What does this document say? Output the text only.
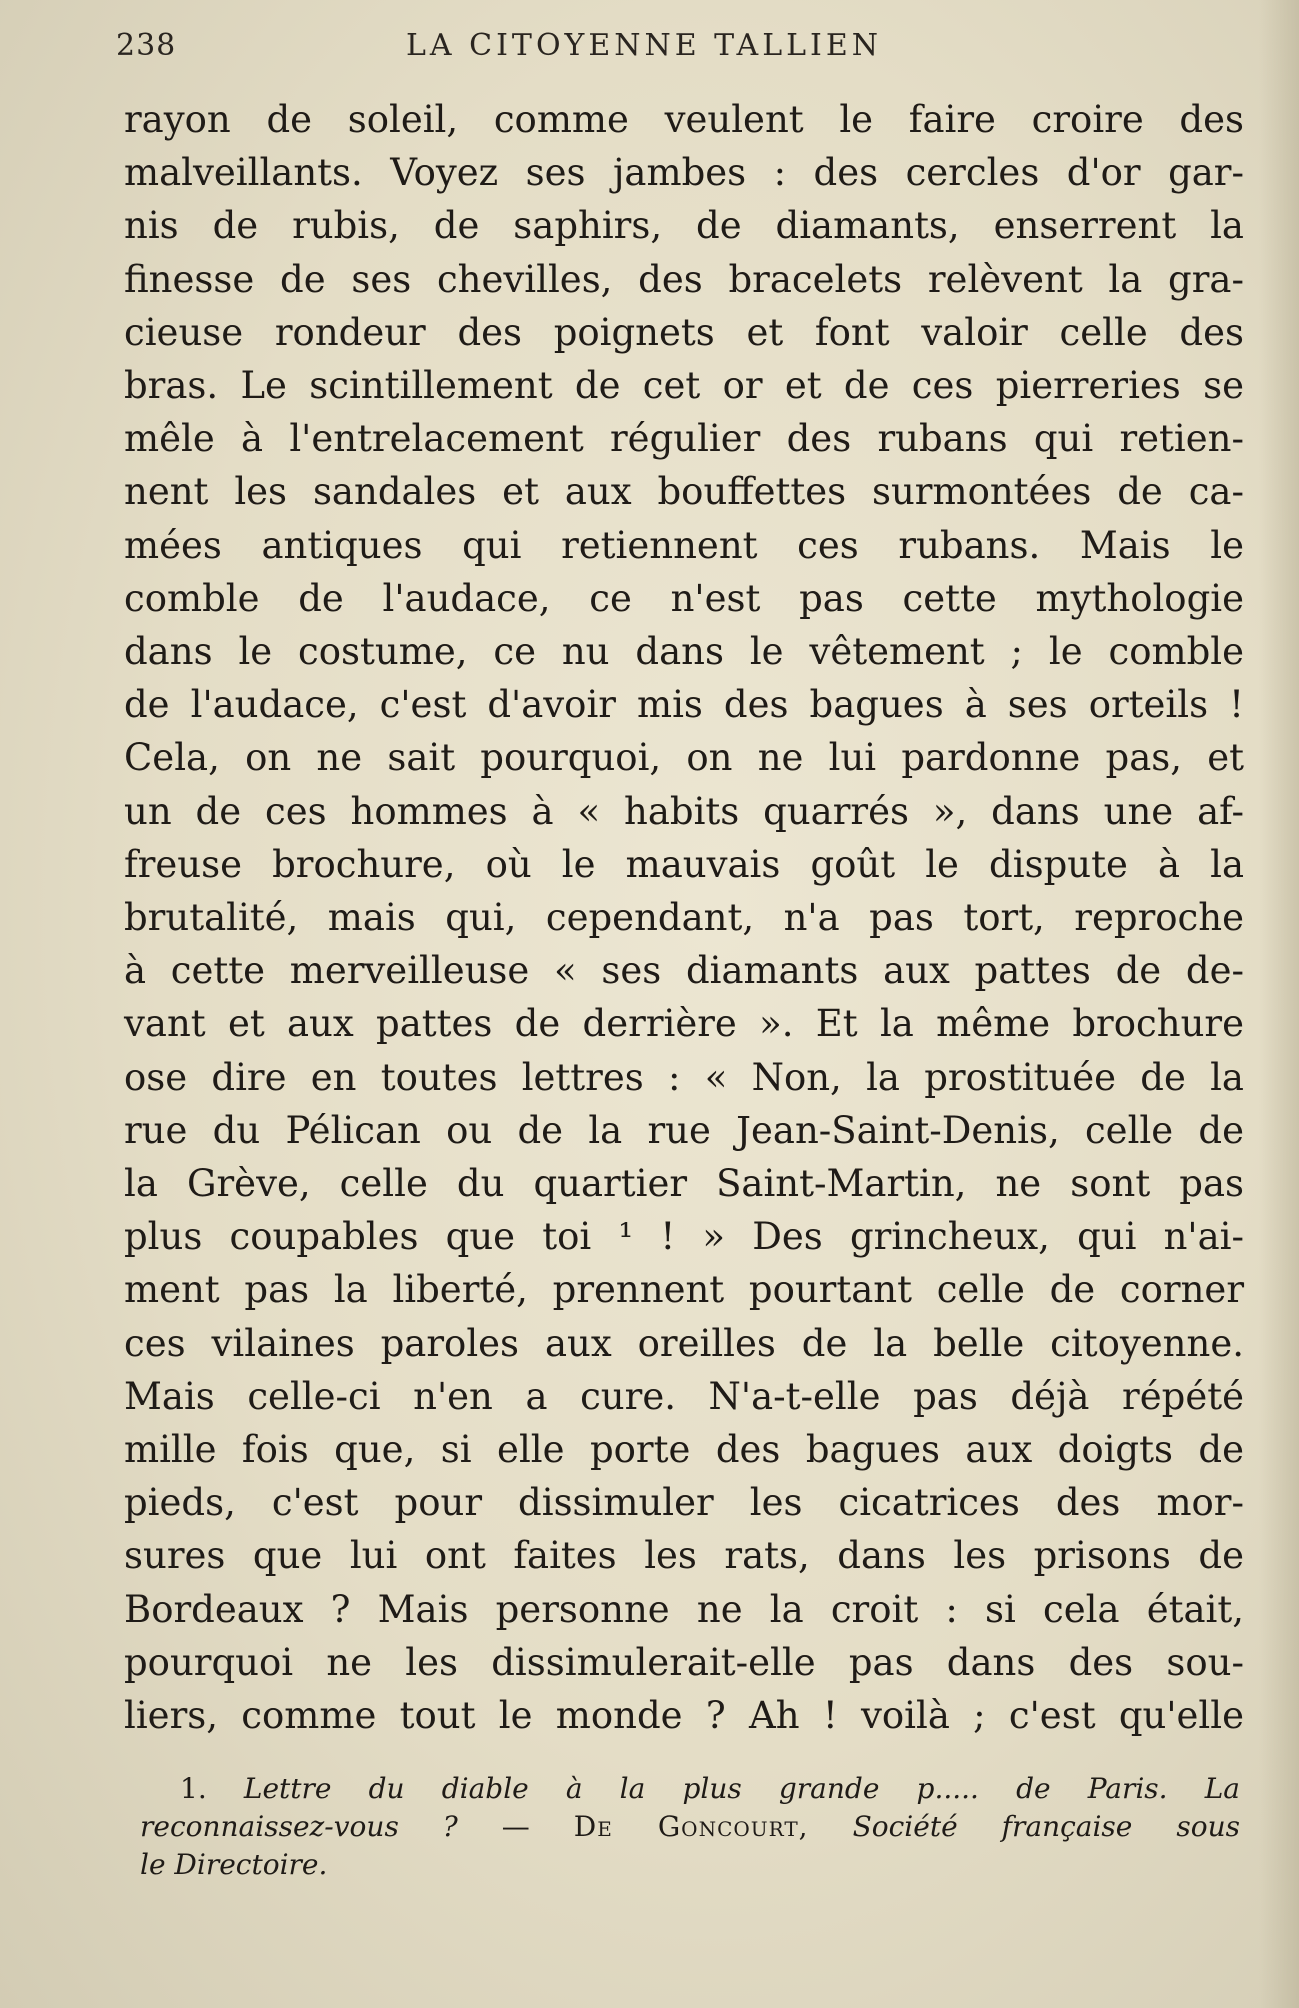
238	LA CITOYENNE TALLIEN
rayon de soleil, comme veulent le faire croire des
malveillants. Voyez ses jambes : des cercles d'or gar-
nis de rubis, de saphirs, de diamants, enserrent la
finesse de ses chevilles, des bracelets relèvent la gra-
cieuse rondeur des poignets et font valoir celle des
bras. Le scintillement de cet or et de ces pierreries se
mêle à l'entrelacement régulier des rubans qui retien-
nent les sandales et aux bouffettes surmontées de ca-
mées antiques qui retiennent ces rubans. Mais le
comble de l'audace, ce n'est pas cette mythologie
dans le costume, ce nu dans le vêtement ; le comble
de l'audace, c'est d'avoir mis des bagues à ses orteils !
Cela, on ne sait pourquoi, on ne lui pardonne pas, et
un de ces hommes à « habits quarrés », dans une af-
freuse brochure, où le mauvais goût le dispute à la
brutalité, mais qui, cependant, n'a pas tort, reproche
à cette merveilleuse « ses diamants aux pattes de de-
vant et aux pattes de derrière ». Et la même brochure
ose dire en toutes lettres : « Non, la prostituée de la
rue du Pélican ou de la rue Jean-Saint-Denis, celle de
la Grève, celle du quartier Saint-Martin, ne sont pas
plus coupables que toi ¹ ! » Des grincheux, qui n'ai-
ment pas la liberté, prennent pourtant celle de corner
ces vilaines paroles aux oreilles de la belle citoyenne.
Mais celle-ci n'en a cure. N'a-t-elle pas déjà répété
mille fois que, si elle porte des bagues aux doigts de
pieds, c'est pour dissimuler les cicatrices des mor-
sures que lui ont faites les rats, dans les prisons de
Bordeaux ? Mais personne ne la croit : si cela était,
pourquoi ne les dissimulerait-elle pas dans des sou-
liers, comme tout le monde ? Ah ! voilà ; c'est qu'elle
1. Lettre du diable à la plus grande p..... de Paris. La
reconnaissez-vous ? — De Goncourt, Société française sous
le Directoire.
